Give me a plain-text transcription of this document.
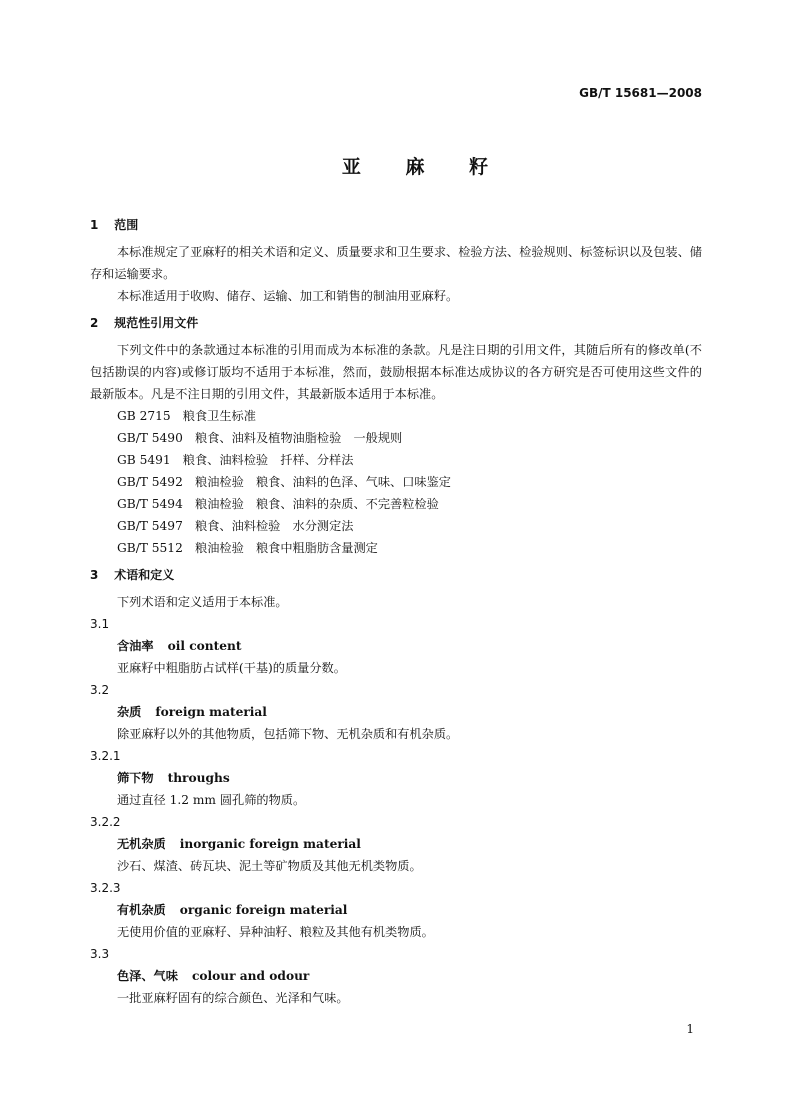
GB/T 15681—2008
亚 麻 籽
1 范围

本标准规定了亚麻籽的相关术语和定义、质量要求和卫生要求、检验方法、检验规则、标签标识以及包装、储存和运输要求。

本标准适用于收购、储存、运输、加工和销售的制油用亚麻籽。

2 规范性引用文件

下列文件中的条款通过本标准的引用而成为本标准的条款。凡是注日期的引用文件，其随后所有的修改单(不包括勘误的内容)或修订版均不适用于本标准，然而，鼓励根据本标准达成协议的各方研究是否可使用这些文件的最新版本。凡是不注日期的引用文件，其最新版本适用于本标准。

GB 2715　粮食卫生标准
GB/T 5490　粮食、油料及植物油脂检验　一般规则
GB 5491　粮食、油料检验　扦样、分样法
GB/T 5492　粮油检验　粮食、油料的色泽、气味、口味鉴定
GB/T 5494　粮油检验　粮食、油料的杂质、不完善粒检验
GB/T 5497　粮食、油料检验　水分测定法
GB/T 5512　粮油检验　粮食中粗脂肪含量测定
3 术语和定义

下列术语和定义适用于本标准。

3.1
含油率 oil content
亚麻籽中粗脂肪占试样(干基)的质量分数。
3.2
杂质 foreign material
除亚麻籽以外的其他物质，包括筛下物、无机杂质和有机杂质。
3.2.1
筛下物 throughs
通过直径 1.2 mm 圆孔筛的物质。
3.2.2
无机杂质 inorganic foreign material
沙石、煤渣、砖瓦块、泥土等矿物质及其他无机类物质。
3.2.3
有机杂质 organic foreign material
无使用价值的亚麻籽、异种油籽、粮粒及其他有机类物质。
3.3
色泽、气味 colour and odour
一批亚麻籽固有的综合颜色、光泽和气味。
1
